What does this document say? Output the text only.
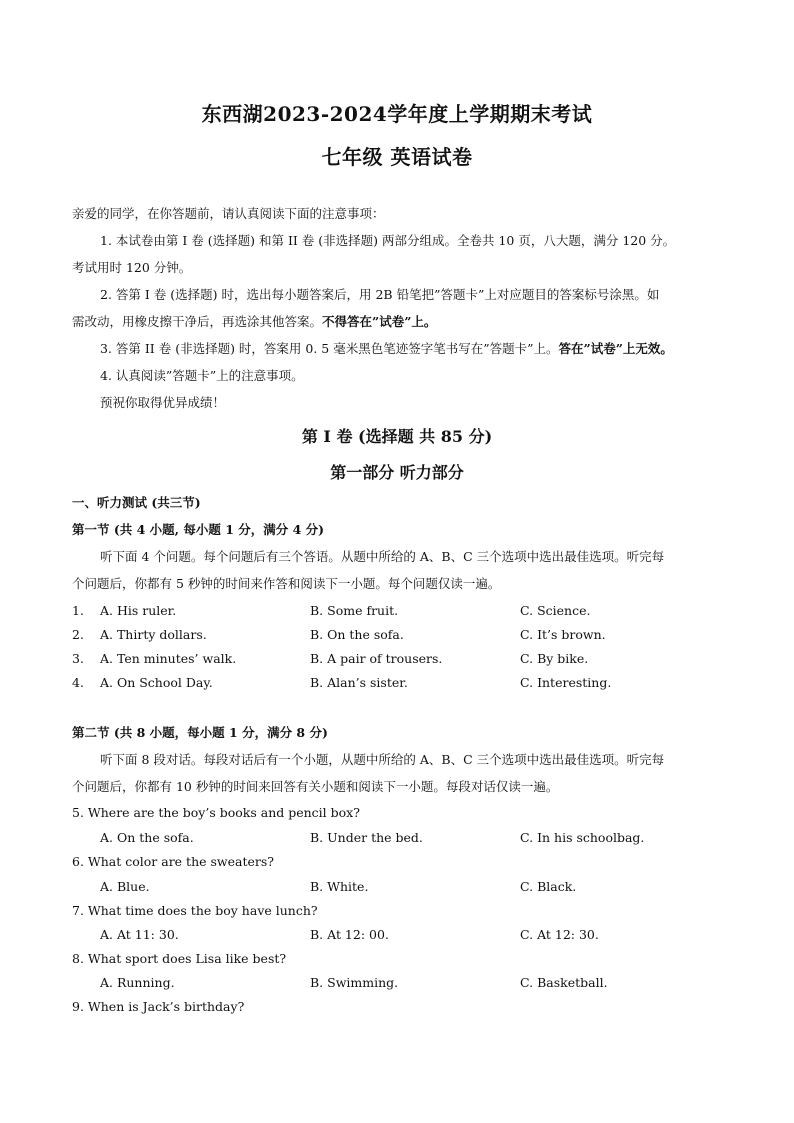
东西湖2023-2024学年度上学期期末考试
七年级 英语试卷
亲爱的同学，在你答题前，请认真阅读下面的注意事项：
1. 本试卷由第 I 卷 (选择题) 和第 II 卷 (非选择题) 两部分组成。全卷共 10 页，八大题，满分 120 分。
考试用时 120 分钟。
2. 答第 I 卷 (选择题) 时，选出每小题答案后，用 2B 铅笔把”答题卡”上对应题目的答案标号涂黑。如
需改动，用橡皮擦干净后，再选涂其他答案。不得答在”试卷”上。
3. 答第 II 卷 (非选择题) 时，答案用 0. 5 毫米黑色笔迹签字笔书写在”答题卡”上。答在”试卷”上无效。
4. 认真阅读”答题卡”上的注意事项。
预祝你取得优异成绩！
第 I 卷 (选择题 共 85 分)
第一部分 听力部分
一、听力测试 (共三节)
第一节 (共 4 小题, 每小题 1 分，满分 4 分)
听下面 4 个问题。每个问题后有三个答语。从题中所给的 A、B、C 三个选项中选出最佳选项。听完每
个问题后，你都有 5 秒钟的时间来作答和阅读下一小题。每个问题仅读一遍。
1. A. His ruler.	B. Some fruit.	C. Science.
2. A. Thirty dollars.	B. On the sofa.	C. It’s brown.
3. A. Ten minutes’ walk.	B. A pair of trousers.	C. By bike.
4. A. On School Day.	B. Alan’s sister.	C. Interesting.
第二节 (共 8 小题，每小题 1 分，满分 8 分)
听下面 8 段对话。每段对话后有一个小题，从题中所给的 A、B、C 三个选项中选出最佳选项。听完每
个问题后，你都有 10 秒钟的时间来回答有关小题和阅读下一小题。每段对话仅读一遍。
5. Where are the boy’s books and pencil box?
A. On the sofa.	B. Under the bed.	C. In his schoolbag.
6. What color are the sweaters?
A. Blue.	B. White.	C. Black.
7. What time does the boy have lunch?
A. At 11: 30.	B. At 12: 00.	C. At 12: 30.
8. What sport does Lisa like best?
A. Running.	B. Swimming.	C. Basketball.
9. When is Jack’s birthday?
